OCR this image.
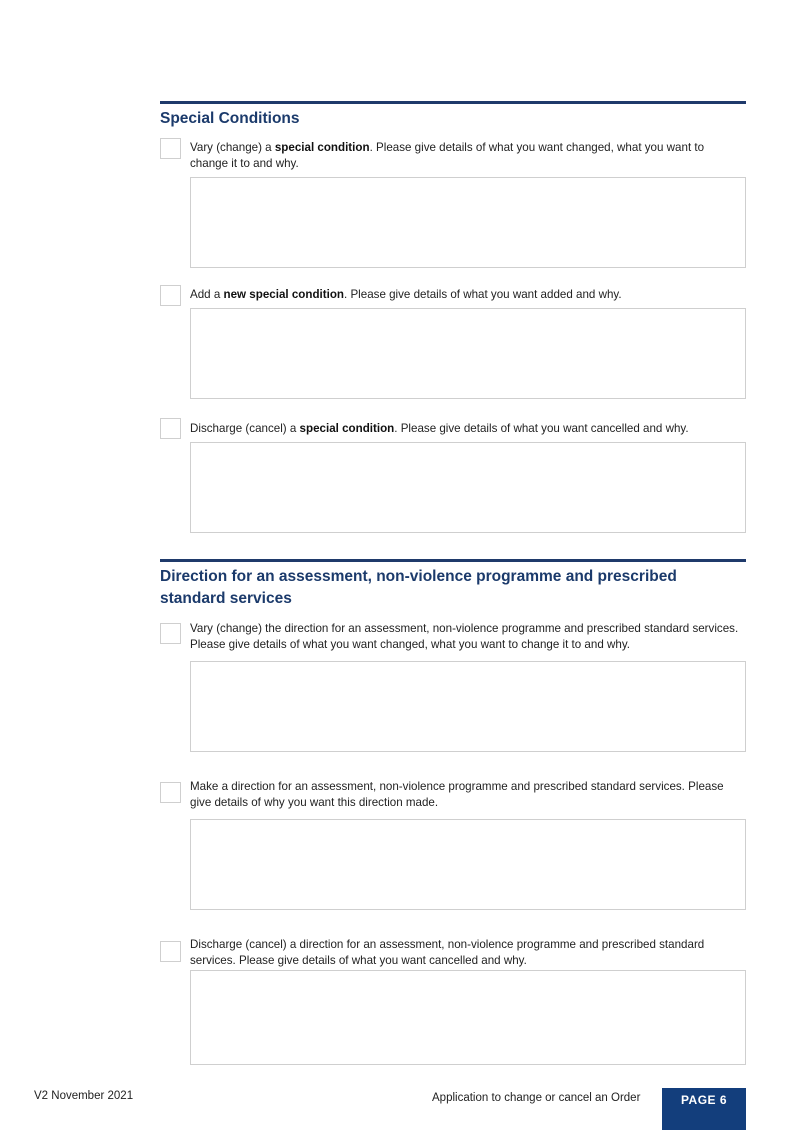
Special Conditions
Vary (change) a special condition. Please give details of what you want changed, what you want to change it to and why.
Add a new special condition. Please give details of what you want added and why.
Discharge (cancel) a special condition. Please give details of what you want cancelled and why.
Direction for an assessment, non-violence programme and prescribed standard services
Vary (change) the direction for an assessment, non-violence programme and prescribed standard services. Please give details of what you want changed, what you want to change it to and why.
Make a direction for an assessment, non-violence programme and prescribed standard services. Please give details of why you want this direction made.
Discharge (cancel) a direction for an assessment, non-violence programme and prescribed standard services. Please give details of what you want cancelled and why.
V2 November 2021	Application to change or cancel an Order	PAGE 6
